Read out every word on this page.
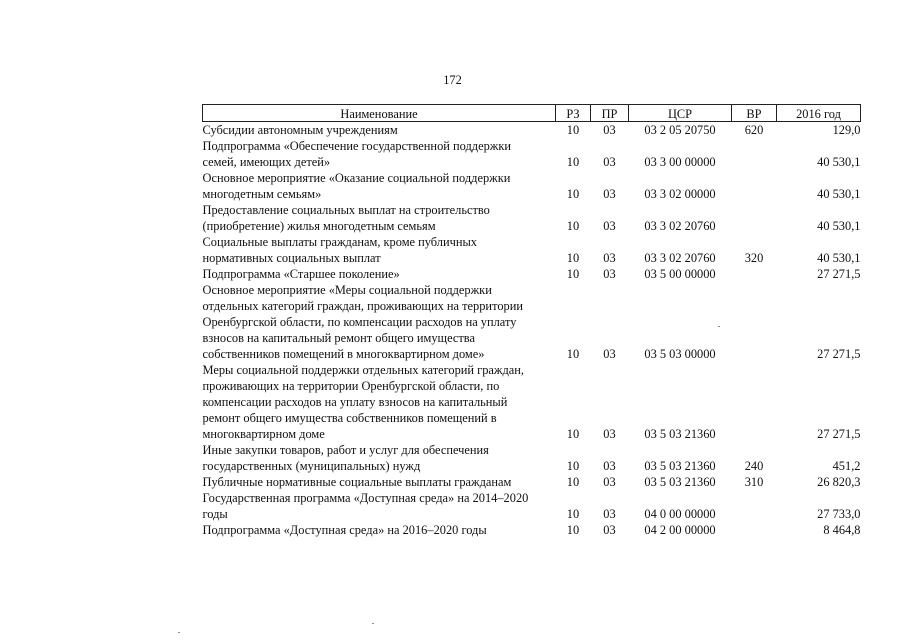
172
Наименование	РЗ	ПР	ЦСР	ВР	2016 год

Субсидии автономным учреждениям	10	03	03 2 05 20750	620	129,0

Подпрограмма «Обеспечение государственной поддержки
семей, имеющих детей»	10	03	03 3 00 00000		40 530,1

Основное мероприятие «Оказание социальной поддержки
многодетным семьям»	10	03	03 3 02 00000		40 530,1

Предоставление социальных выплат на строительство
(приобретение) жилья многодетным семьям	10	03	03 3 02 20760		40 530,1

Социальные выплаты гражданам, кроме публичных
нормативных социальных выплат	10	03	03 3 02 20760	320	40 530,1

Подпрограмма «Старшее поколение»	10	03	03 5 00 00000		27 271,5

Основное мероприятие «Меры социальной поддержки
отдельных категорий граждан, проживающих на территории
Оренбургской области, по компенсации расходов на уплату
взносов на капитальный ремонт общего имущества
собственников помещений в многоквартирном доме»	10	03	03 5 03 00000		27 271,5

Меры социальной поддержки отдельных категорий граждан,
проживающих на территории Оренбургской области, по
компенсации расходов на уплату взносов на капитальный
ремонт общего имущества собственников помещений в
многоквартирном доме	10	03	03 5 03 21360		27 271,5

Иные закупки товаров, работ и услуг для обеспечения
государственных (муниципальных) нужд	10	03	03 5 03 21360	240	451,2

Публичные нормативные социальные выплаты гражданам	10	03	03 5 03 21360	310	26 820,3

Государственная программа «Доступная среда» на 2014–2020
годы	10	03	04 0 00 00000		27 733,0

Подпрограмма «Доступная среда» на 2016–2020 годы	10	03	04 2 00 00000		8 464,8
